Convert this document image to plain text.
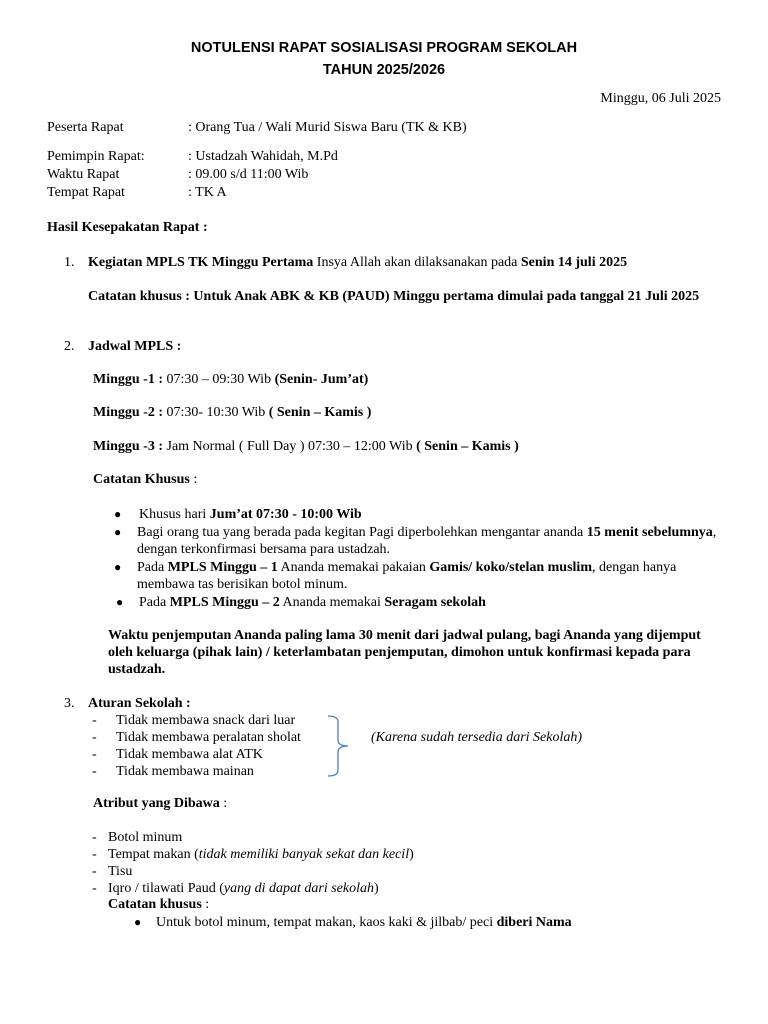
NOTULENSI RAPAT SOSIALISASI PROGRAM SEKOLAH
TAHUN 2025/2026
Minggu, 06 Juli 2025
Peserta Rapat	: Orang Tua / Wali Murid Siswa Baru (TK & KB)
Pemimpin Rapat:	: Ustadzah Wahidah, M.Pd
Waktu Rapat	: 09.00 s/d 11:00 Wib
Tempat Rapat	: TK A
Hasil Kesepakatan Rapat :
1. Kegiatan MPLS TK Minggu Pertama Insya Allah akan dilaksanakan pada Senin 14 juli 2025
Catatan khusus : Untuk Anak ABK & KB (PAUD) Minggu pertama dimulai pada tanggal 21 Juli 2025
2. Jadwal MPLS :
Minggu -1 : 07:30 – 09:30 Wib (Senin- Jum’at)
Minggu -2 : 07:30- 10:30 Wib ( Senin – Kamis )
Minggu -3 : Jam Normal ( Full Day ) 07:30 – 12:00 Wib ( Senin – Kamis )
Catatan Khusus :
● Khusus hari Jum’at 07:30 - 10:00 Wib
● Bagi orang tua yang berada pada kegitan Pagi diperbolehkan mengantar ananda 15 menit sebelumnya, dengan terkonfirmasi bersama para ustadzah.
● Pada MPLS Minggu – 1 Ananda memakai pakaian Gamis/ koko/stelan muslim, dengan hanya membawa tas berisikan botol minum.
● Pada MPLS Minggu – 2 Ananda memakai Seragam sekolah
Waktu penjemputan Ananda paling lama 30 menit dari jadwal pulang, bagi Ananda yang dijemput oleh keluarga (pihak lain) / keterlambatan penjemputan, dimohon untuk konfirmasi kepada para ustadzah.
3. Aturan Sekolah :
- Tidak membawa snack dari luar
- Tidak membawa peralatan sholat
- Tidak membawa alat ATK
- Tidak membawa mainan
(Karena sudah tersedia dari Sekolah)
Atribut yang Dibawa :
- Botol minum
- Tempat makan (tidak memiliki banyak sekat dan kecil)
- Tisu
- Iqro / tilawati Paud (yang di dapat dari sekolah)
Catatan khusus :
● Untuk botol minum, tempat makan, kaos kaki & jilbab/ peci diberi Nama
